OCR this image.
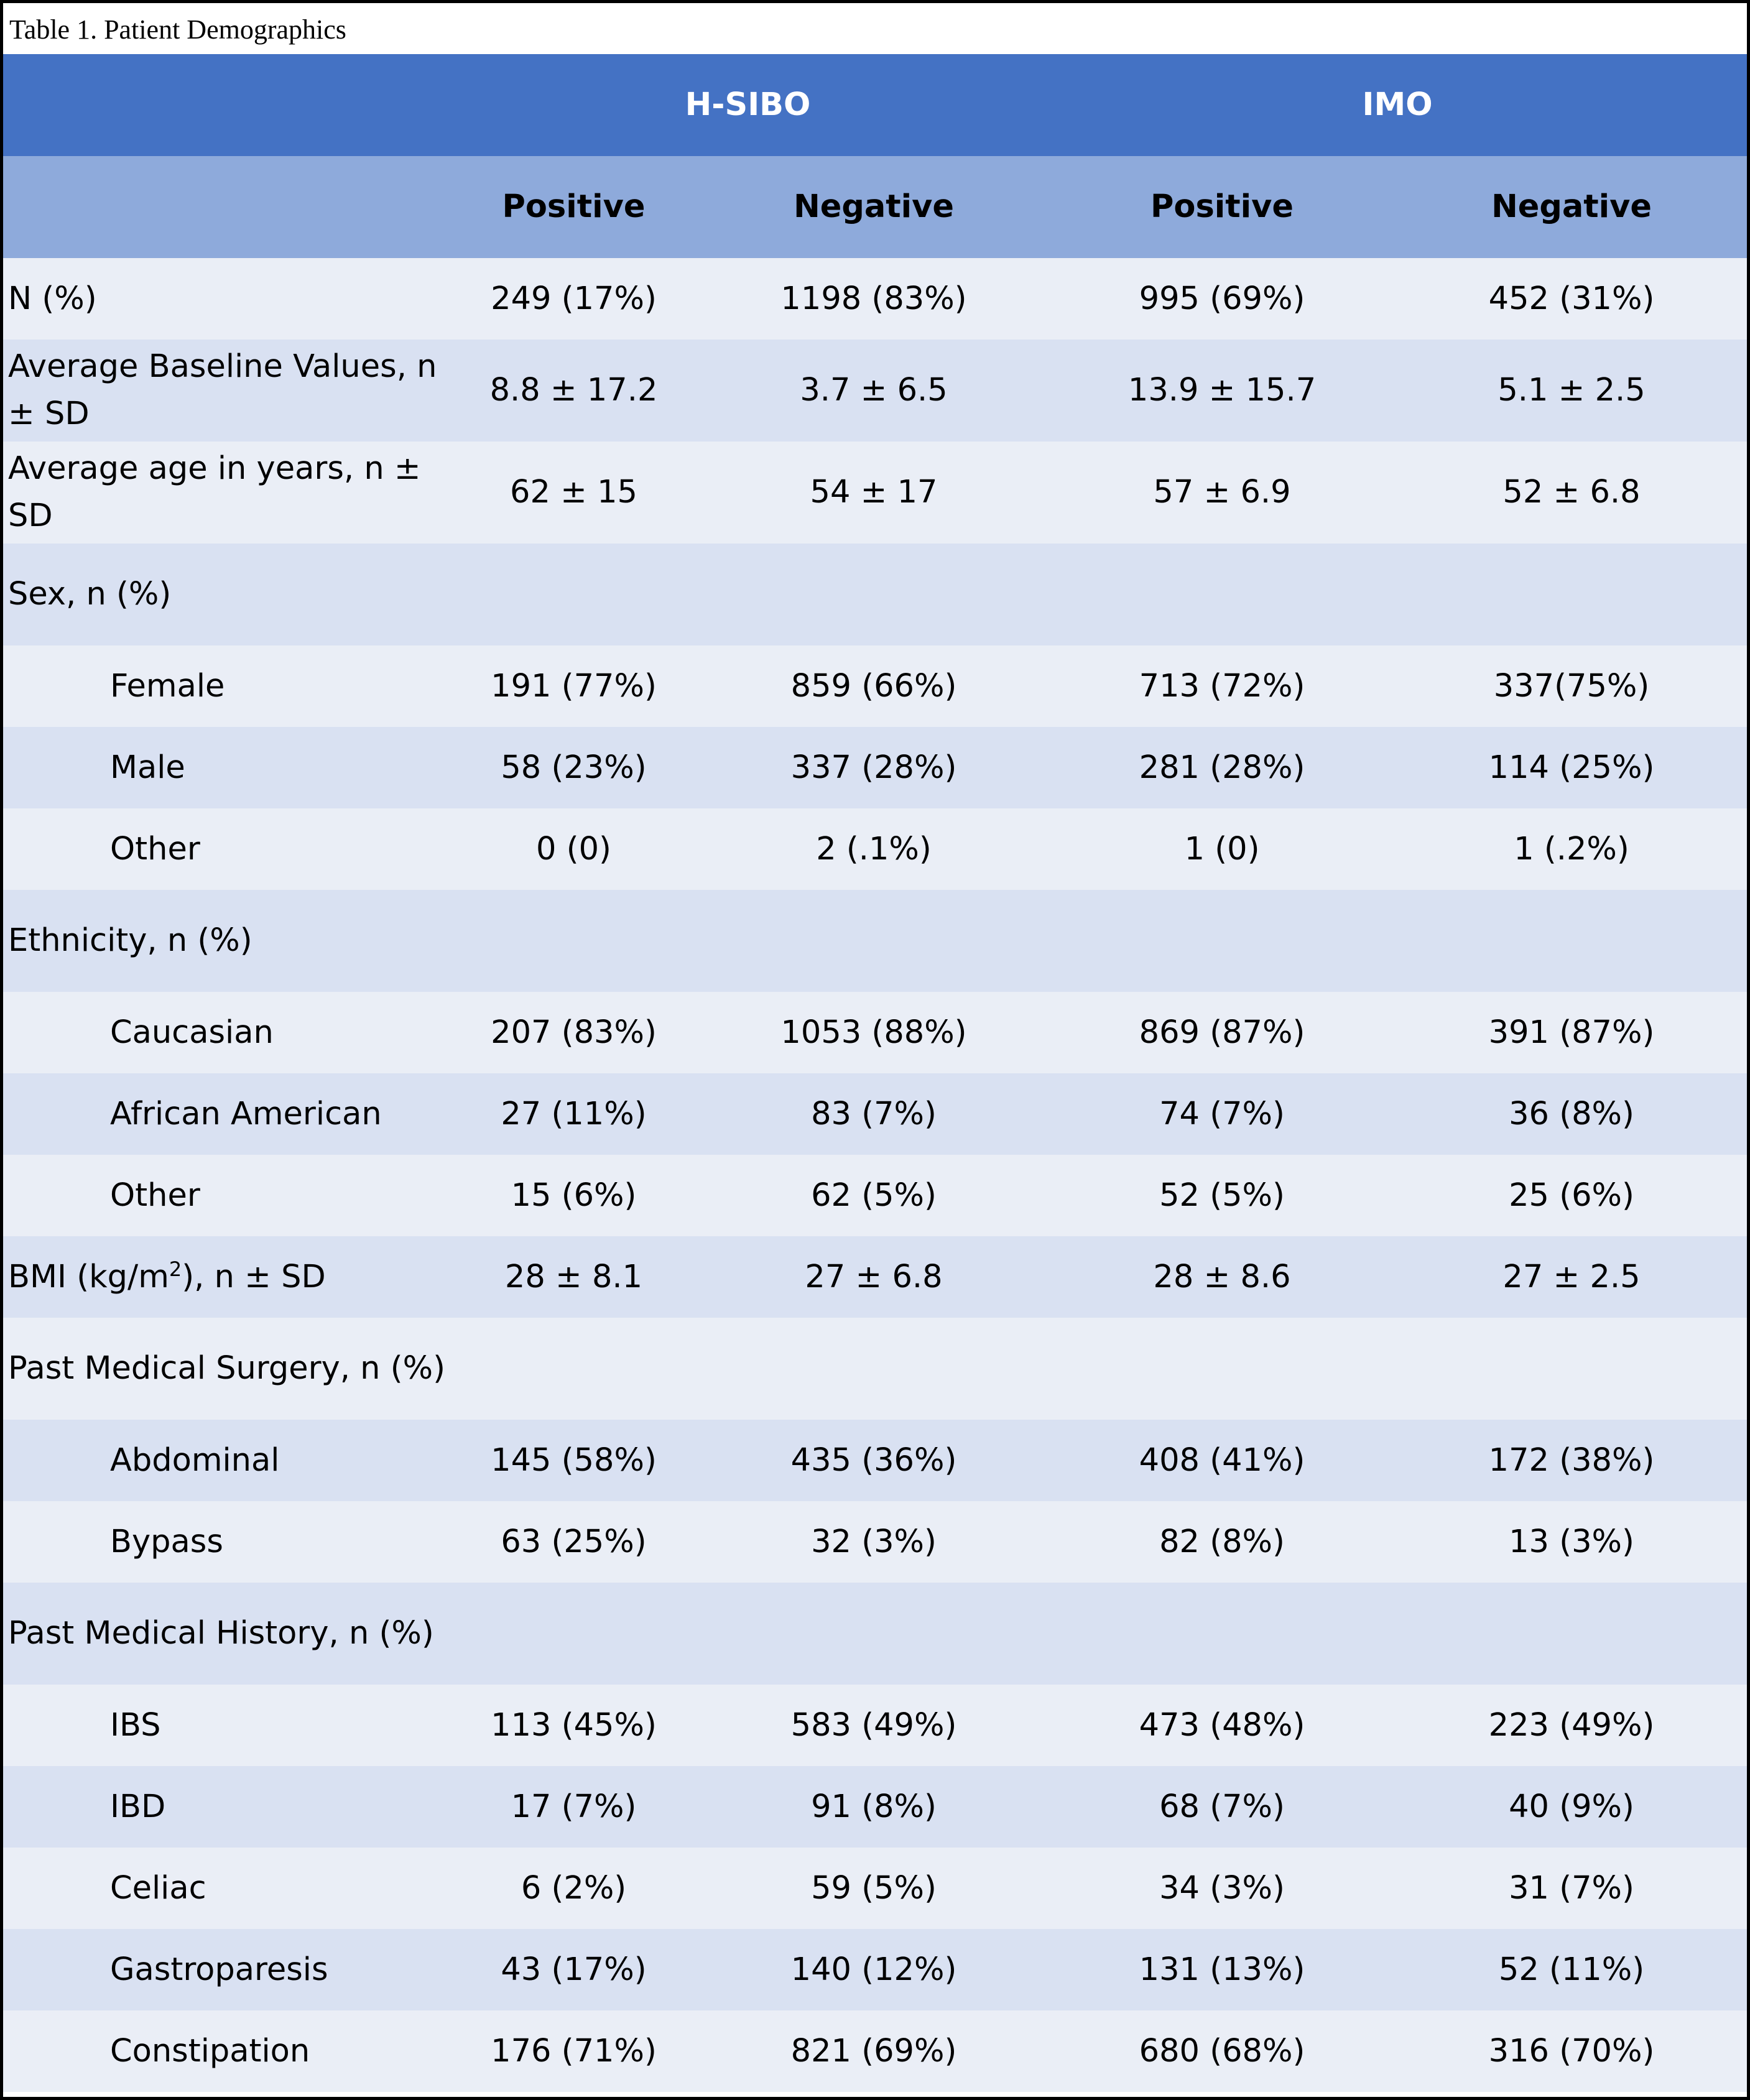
Table 1. Patient Demographics
	H-SIBO		IMO	
	Positive	Negative	Positive	Negative
N (%)	249 (17%)	1198 (83%)	995 (69%)	452 (31%)
Average Baseline Values, n ± SD	8.8 ± 17.2	3.7 ± 6.5	13.9 ± 15.7	5.1 ± 2.5
Average age in years, n ± SD	62 ± 15	54 ± 17	57 ± 6.9	52 ± 6.8
Sex, n (%)				
Female	191 (77%)	859 (66%)	713 (72%)	337(75%)
Male	58 (23%)	337 (28%)	281 (28%)	114 (25%)
Other	0 (0)	2 (.1%)	1 (0)	1 (.2%)
Ethnicity, n (%)				
Caucasian	207 (83%)	1053 (88%)	869 (87%)	391 (87%)
African American	27 (11%)	83 (7%)	74 (7%)	36 (8%)
Other	15 (6%)	62 (5%)	52 (5%)	25 (6%)
BMI $(kg/m^2)$, n ± SD	28 ± 8.1	27 ± 6.8	28 ± 8.6	27 ± 2.5
Past Medical Surgery, n (%)				
Abdominal	145 (58%)	435 (36%)	408 (41%)	172 (38%)
Bypass	63 (25%)	32 (3%)	82 (8%)	13 (3%)
Past Medical History, n (%)				
IBS	113 (45%)	583 (49%)	473 (48%)	223 (49%)
IBD	17 (7%)	91 (8%)	68 (7%)	40 (9%)
Celiac	6 (2%)	59 (5%)	34 (3%)	31 (7%)
Gastroparesis	43 (17%)	140 (12%)	131 (13%)	52 (11%)
Constipation	176 (71%)	821 (69%)	680 (68%)	316 (70%)
